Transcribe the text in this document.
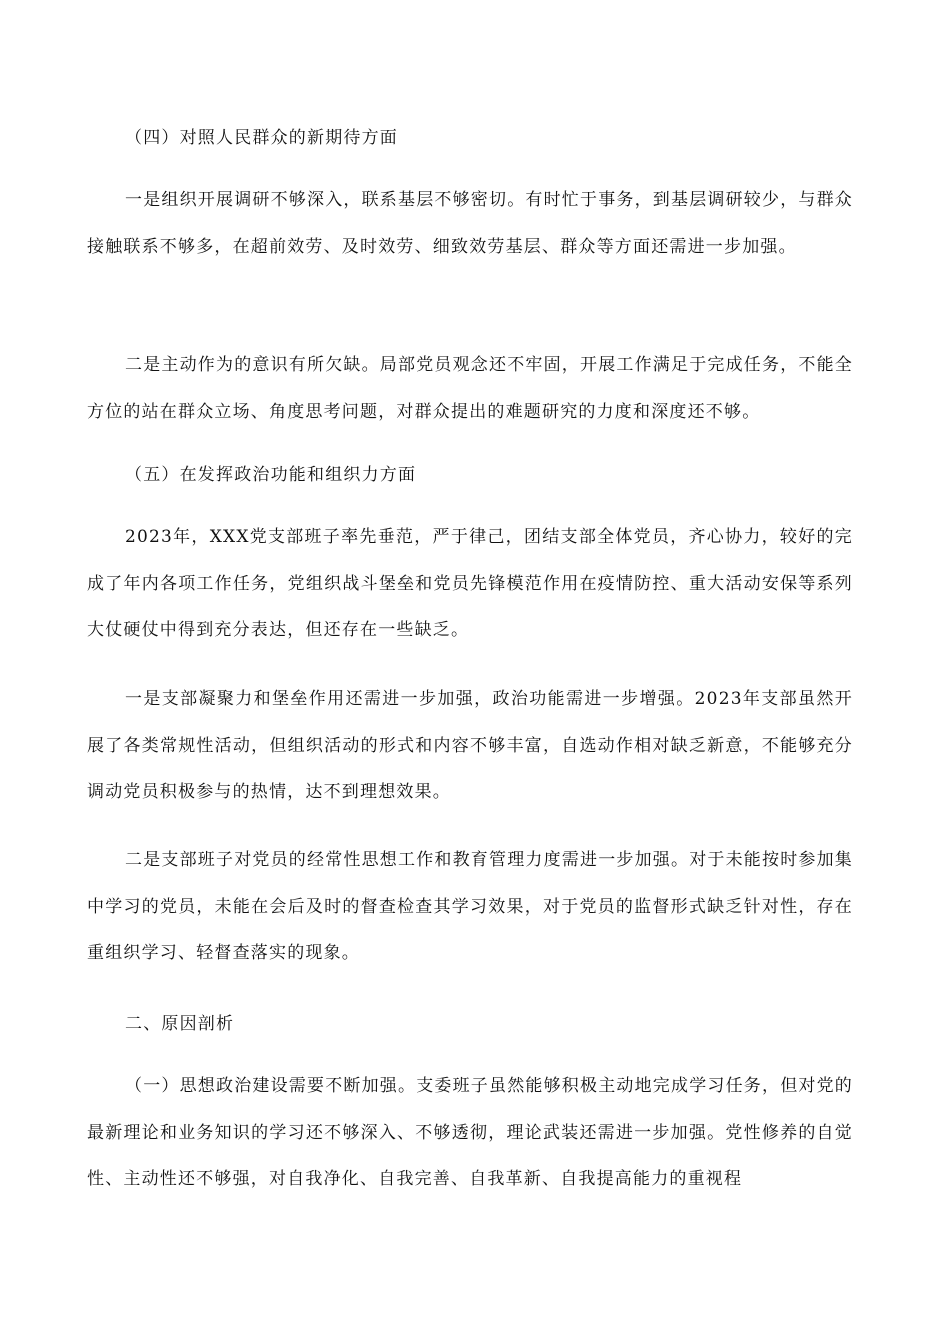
（四）对照人民群众的新期待方面

一是组织开展调研不够深入，联系基层不够密切。有时忙于事务，到基层调研较少，与群众接触联系不够多，在超前效劳、及时效劳、细致效劳基层、群众等方面还需进一步加强。

二是主动作为的意识有所欠缺。局部党员观念还不牢固，开展工作满足于完成任务，不能全方位的站在群众立场、角度思考问题，对群众提出的难题研究的力度和深度还不够。

（五）在发挥政治功能和组织力方面

2023年，XXX党支部班子率先垂范，严于律己，团结支部全体党员，齐心协力，较好的完成了年内各项工作任务，党组织战斗堡垒和党员先锋模范作用在疫情防控、重大活动安保等系列大仗硬仗中得到充分表达，但还存在一些缺乏。

一是支部凝聚力和堡垒作用还需进一步加强，政治功能需进一步增强。2023年支部虽然开展了各类常规性活动，但组织活动的形式和内容不够丰富，自选动作相对缺乏新意，不能够充分调动党员积极参与的热情，达不到理想效果。

二是支部班子对党员的经常性思想工作和教育管理力度需进一步加强。对于未能按时参加集中学习的党员，未能在会后及时的督查检查其学习效果，对于党员的监督形式缺乏针对性，存在重组织学习、轻督查落实的现象。

二、原因剖析

（一）思想政治建设需要不断加强。支委班子虽然能够积极主动地完成学习任务，但对党的最新理论和业务知识的学习还不够深入、不够透彻，理论武装还需进一步加强。党性修养的自觉性、主动性还不够强，对自我净化、自我完善、自我革新、自我提高能力的重视程
